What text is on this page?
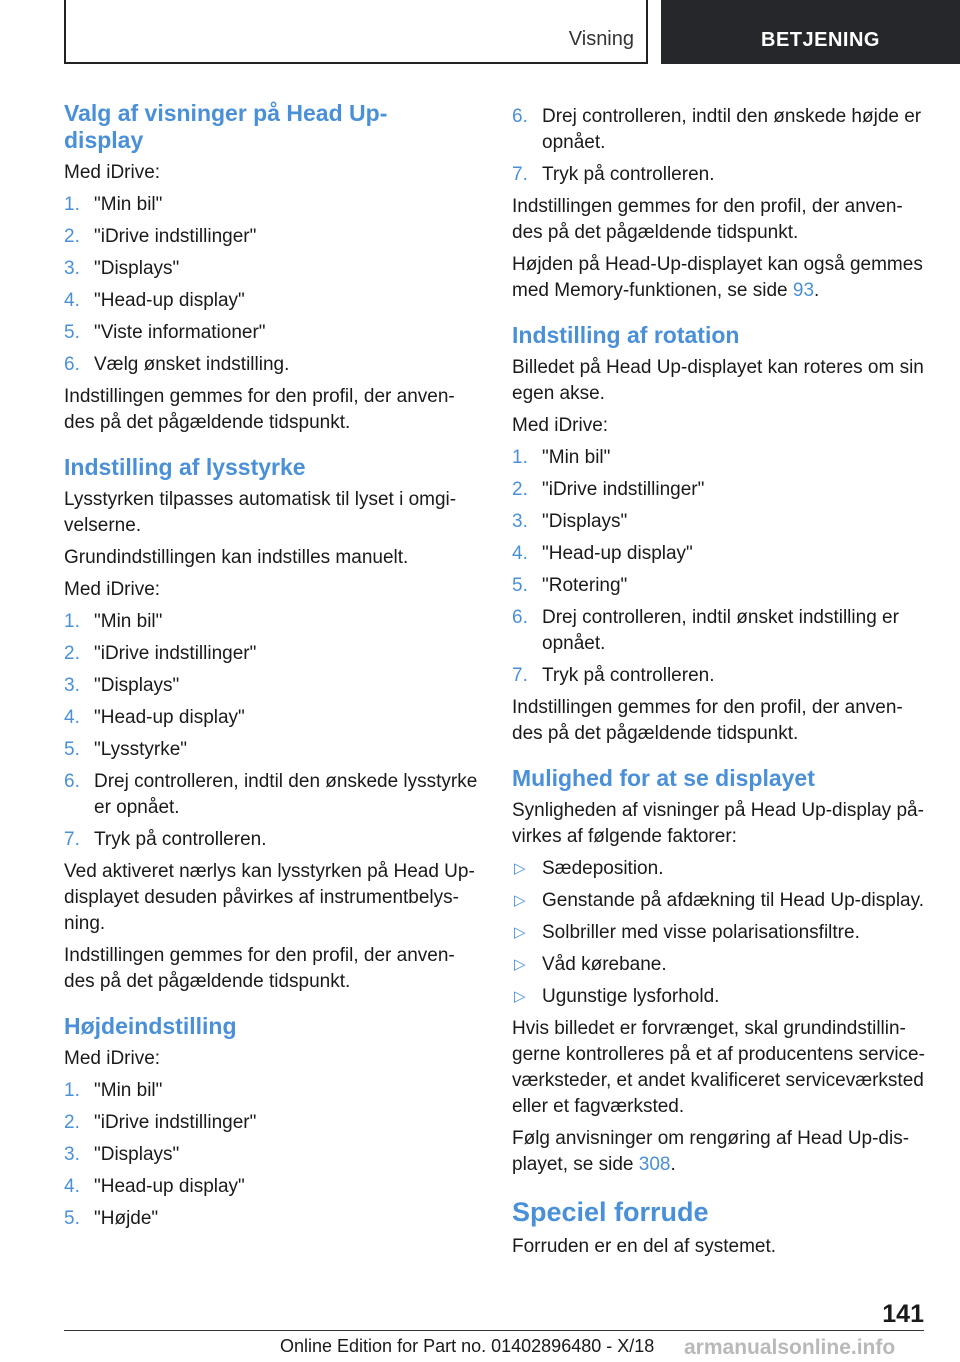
Visning	BETJENING
Valg af visninger på Head Up-display

Med iDrive:

1. "Min bil"
2. "iDrive indstillinger"
3. "Displays"
4. "Head-up display"
5. "Viste informationer"
6. Vælg ønsket indstilling.

Indstillingen gemmes for den profil, der anven-des på det pågældende tidspunkt.

Indstilling af lysstyrke

Lysstyrken tilpasses automatisk til lyset i omgi-velserne.

Grundindstillingen kan indstilles manuelt.

Med iDrive:

1. "Min bil"
2. "iDrive indstillinger"
3. "Displays"
4. "Head-up display"
5. "Lysstyrke"
6. Drej controlleren, indtil den ønskede lysstyrke er opnået.
7. Tryk på controlleren.

Ved aktiveret nærlys kan lysstyrken på Head Up-displayet desuden påvirkes af instrumentbelys-ning.

Indstillingen gemmes for den profil, der anven-des på det pågældende tidspunkt.

Højdeindstilling

Med iDrive:

1. "Min bil"
2. "iDrive indstillinger"
3. "Displays"
4. "Head-up display"
5. "Højde"
6. Drej controlleren, indtil den ønskede højde er opnået.
7. Tryk på controlleren.

Indstillingen gemmes for den profil, der anven-des på det pågældende tidspunkt.

Højden på Head-Up-displayet kan også gemmes med Memory-funktionen, se side 93.

Indstilling af rotation

Billedet på Head Up-displayet kan roteres om sin egen akse.

Med iDrive:

1. "Min bil"
2. "iDrive indstillinger"
3. "Displays"
4. "Head-up display"
5. "Rotering"
6. Drej controlleren, indtil ønsket indstilling er opnået.
7. Tryk på controlleren.

Indstillingen gemmes for den profil, der anven-des på det pågældende tidspunkt.

Mulighed for at se displayet

Synligheden af visninger på Head Up-display på-virkes af følgende faktorer:

▷ Sædeposition.
▷ Genstande på afdækning til Head Up-display.
▷ Solbriller med visse polarisationsfiltre.
▷ Våd kørebane.
▷ Ugunstige lysforhold.

Hvis billedet er forvrænget, skal grundindstillin-gerne kontrolleres på et af producentens service-værksteder, et andet kvalificeret serviceværksted eller et fagværksted.

Følg anvisninger om rengøring af Head Up-dis-playet, se side 308.

Speciel forrude

Forruden er en del af systemet.

141
Online Edition for Part no. 01402896480 - X/18 armanualsonline.info
